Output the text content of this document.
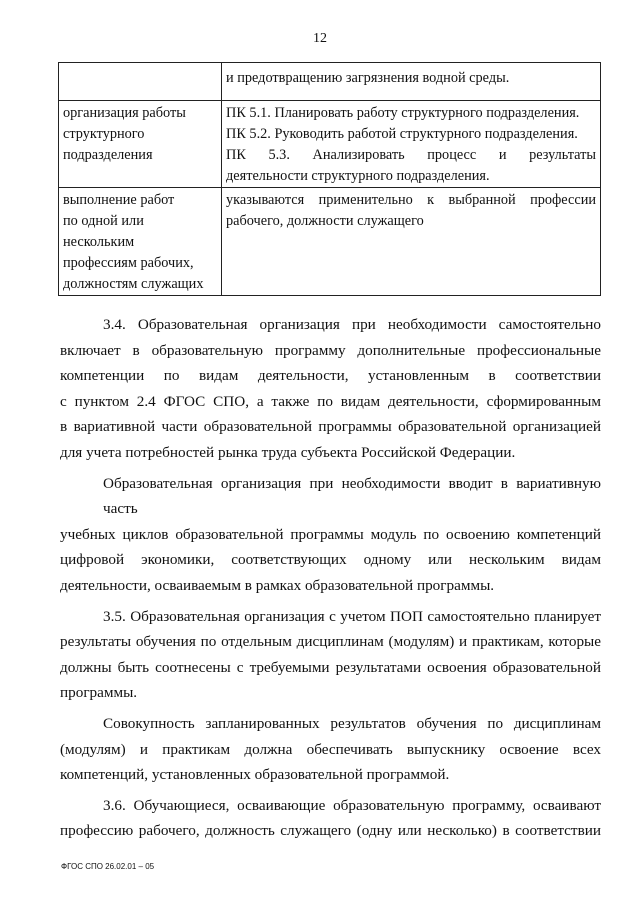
12

	и предотвращению загрязнения водной среды.

организация работы
структурного
подразделения	ПК 5.1. Планировать работу структурного подразделения.
ПК 5.2. Руководить работой структурного подразделения.
ПК 5.3. Анализировать процесс и результаты
деятельности структурного подразделения.

выполнение работ
по одной или
нескольким
профессиям рабочих,
должностям служащих	указываются применительно к выбранной профессии
рабочего, должности служащего

3.4. Образовательная организация при необходимости самостоятельно
включает в образовательную программу дополнительные профессиональные
компетенции по видам деятельности, установленным в соответствии
с пунктом 2.4 ФГОС СПО, а также по видам деятельности, сформированным
в вариативной части образовательной программы образовательной организацией
для учета потребностей рынка труда субъекта Российской Федерации.

Образовательная организация при необходимости вводит в вариативную часть
учебных циклов образовательной программы модуль по освоению компетенций
цифровой экономики, соответствующих одному или нескольким видам
деятельности, осваиваемым в рамках образовательной программы.

3.5. Образовательная организация с учетом ПОП самостоятельно планирует
результаты обучения по отдельным дисциплинам (модулям) и практикам, которые
должны быть соотнесены с требуемыми результатами освоения образовательной
программы.

Совокупность запланированных результатов обучения по дисциплинам
(модулям) и практикам должна обеспечивать выпускнику освоение всех
компетенций, установленных образовательной программой.

3.6. Обучающиеся, осваивающие образовательную программу, осваивают
профессию рабочего, должность служащего (одну или несколько) в соответствии

ФГОС СПО 26.02.01 – 05
